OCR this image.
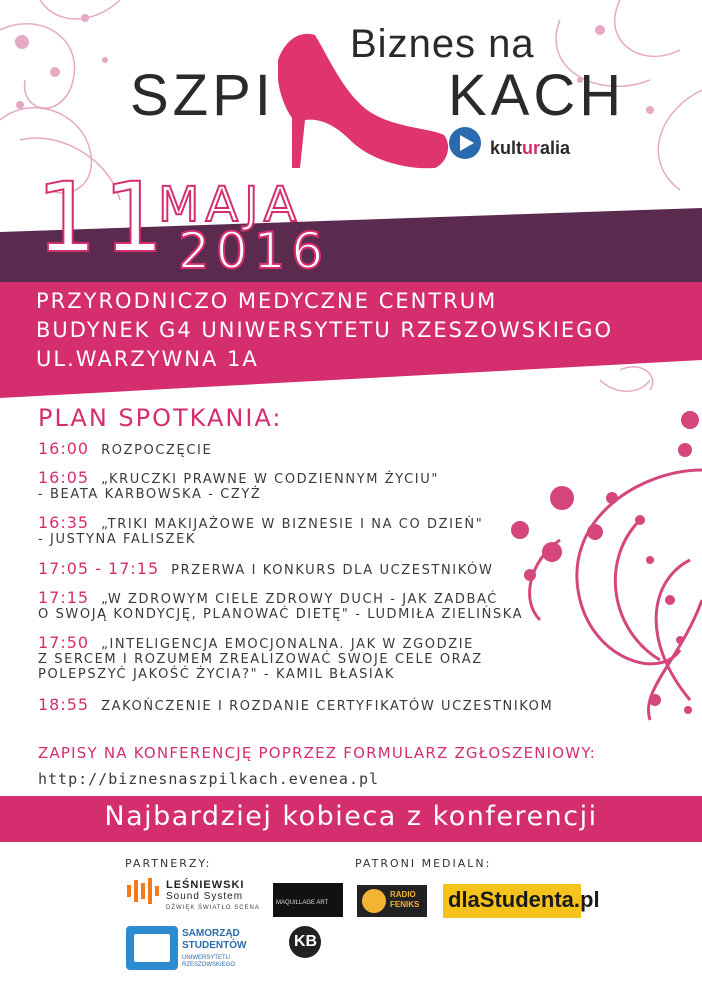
Biznes na
SZPI	KACH
kulturalia
11
MAJA
2016
PRZYRODNICZO MEDYCZNE CENTRUM
BUDYNEK G4 UNIWERSYTETU RZESZOWSKIEGO
UL.WARZYWNA 1A
PLAN SPOTKANIA:
16:00 ROZPOCZĘCIE
16:05 „KRUCZKI PRAWNE W CODZIENNYM ŻYCIU"
- BEATA KARBOWSKA - CZYŻ
16:35 „TRIKI MAKIJAŻOWE W BIZNESIE I NA CO DZIEŃ"
- JUSTYNA FALISZEK
17:05 - 17:15 PRZERWA I KONKURS DLA UCZESTNIKÓW
17:15 „W ZDROWYM CIELE ZDROWY DUCH - JAK ZADBAĆ
O SWOJĄ KONDYCJĘ, PLANOWAĆ DIETĘ" - LUDMIŁA ZIELIŃSKA
17:50 „INTELIGENCJA EMOCJONALNA. JAK W ZGODZIE
Z SERCEM I ROZUMEM ZREALIZOWAĆ SWOJE CELE ORAZ
POLEPSZYĆ JAKOŚĆ ŻYCIA?" - KAMIL BŁASIAK
18:55 ZAKOŃCZENIE I ROZDANIE CERTYFIKATÓW UCZESTNIKOM
ZAPISY NA KONFERENCJĘ POPRZEZ FORMULARZ ZGŁOSZENIOWY:
http://biznesnaszpilkach.evenea.pl
Najbardziej kobieca z konferencji
PARTNERZY:	PATRONI MEDIALN:
LEŚNIEWSKI
Sound System
DŹWIĘK ŚWIATŁO SCENA
MAQUILLAGE ART
RADIO
FENIKS dlaStudenta.pl
SAMORZĄD
STUDENTÓW
UNIWERSYTETU
RZESZOWSKIEGO
KB
